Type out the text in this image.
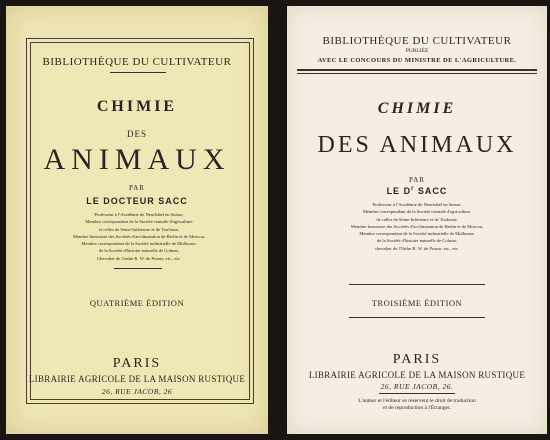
BIBLIOTHÈQUE DU CULTIVATEUR
CHIMIE
DES
ANIMAUX
PAR
LE DOCTEUR SACC
Professeur à l'Académie de Neuchâtel en Suisse,
Membre correspondant de la Société centrale d'agriculture
et celles de Seine-Inférieure et de Toulouse,
Membre honoraire des Sociétés d'acclimatation de Berlin et de Moscou,
Membre correspondant de la Société industrielle de Mulhouse,
de la Société d'histoire naturelle de Colmar,
Chevalier de l'ordre R. W. de Prusse, etc., etc.
QUATRIÈME ÉDITION
PARIS
LIBRAIRIE AGRICOLE DE LA MAISON RUSTIQUE
26, RUE JACOB, 26
BIBLIOTHÈQUE DU CULTIVATEUR
PUBLIÉE
AVEC LE CONCOURS DU MINISTRE DE L'AGRICULTURE.
CHIMIE
DES ANIMAUX
PAR
LE $D^r$ SACC
Professeur à l'Académie de Neuchâtel en Suisse,
Membre correspondant de la Société centrale d'agriculture,
de celles de Seine-Inférieure et de Toulouse,
Membre honoraire des Sociétés d'acclimatation de Berlin et de Moscou,
Membre correspondant de la Société industrielle de Mulhouse,
de la Société d'histoire naturelle de Colmar,
chevalier de l'Ordre R. W. de Prusse, etc., etc.
TROISIÈME ÉDITION
PARIS
LIBRAIRIE AGRICOLE DE LA MAISON RUSTIQUE
26, RUE JACOB, 26.
L'auteur et l'éditeur se réservent le droit de traduction
et de reproduction à l'Étranger.
